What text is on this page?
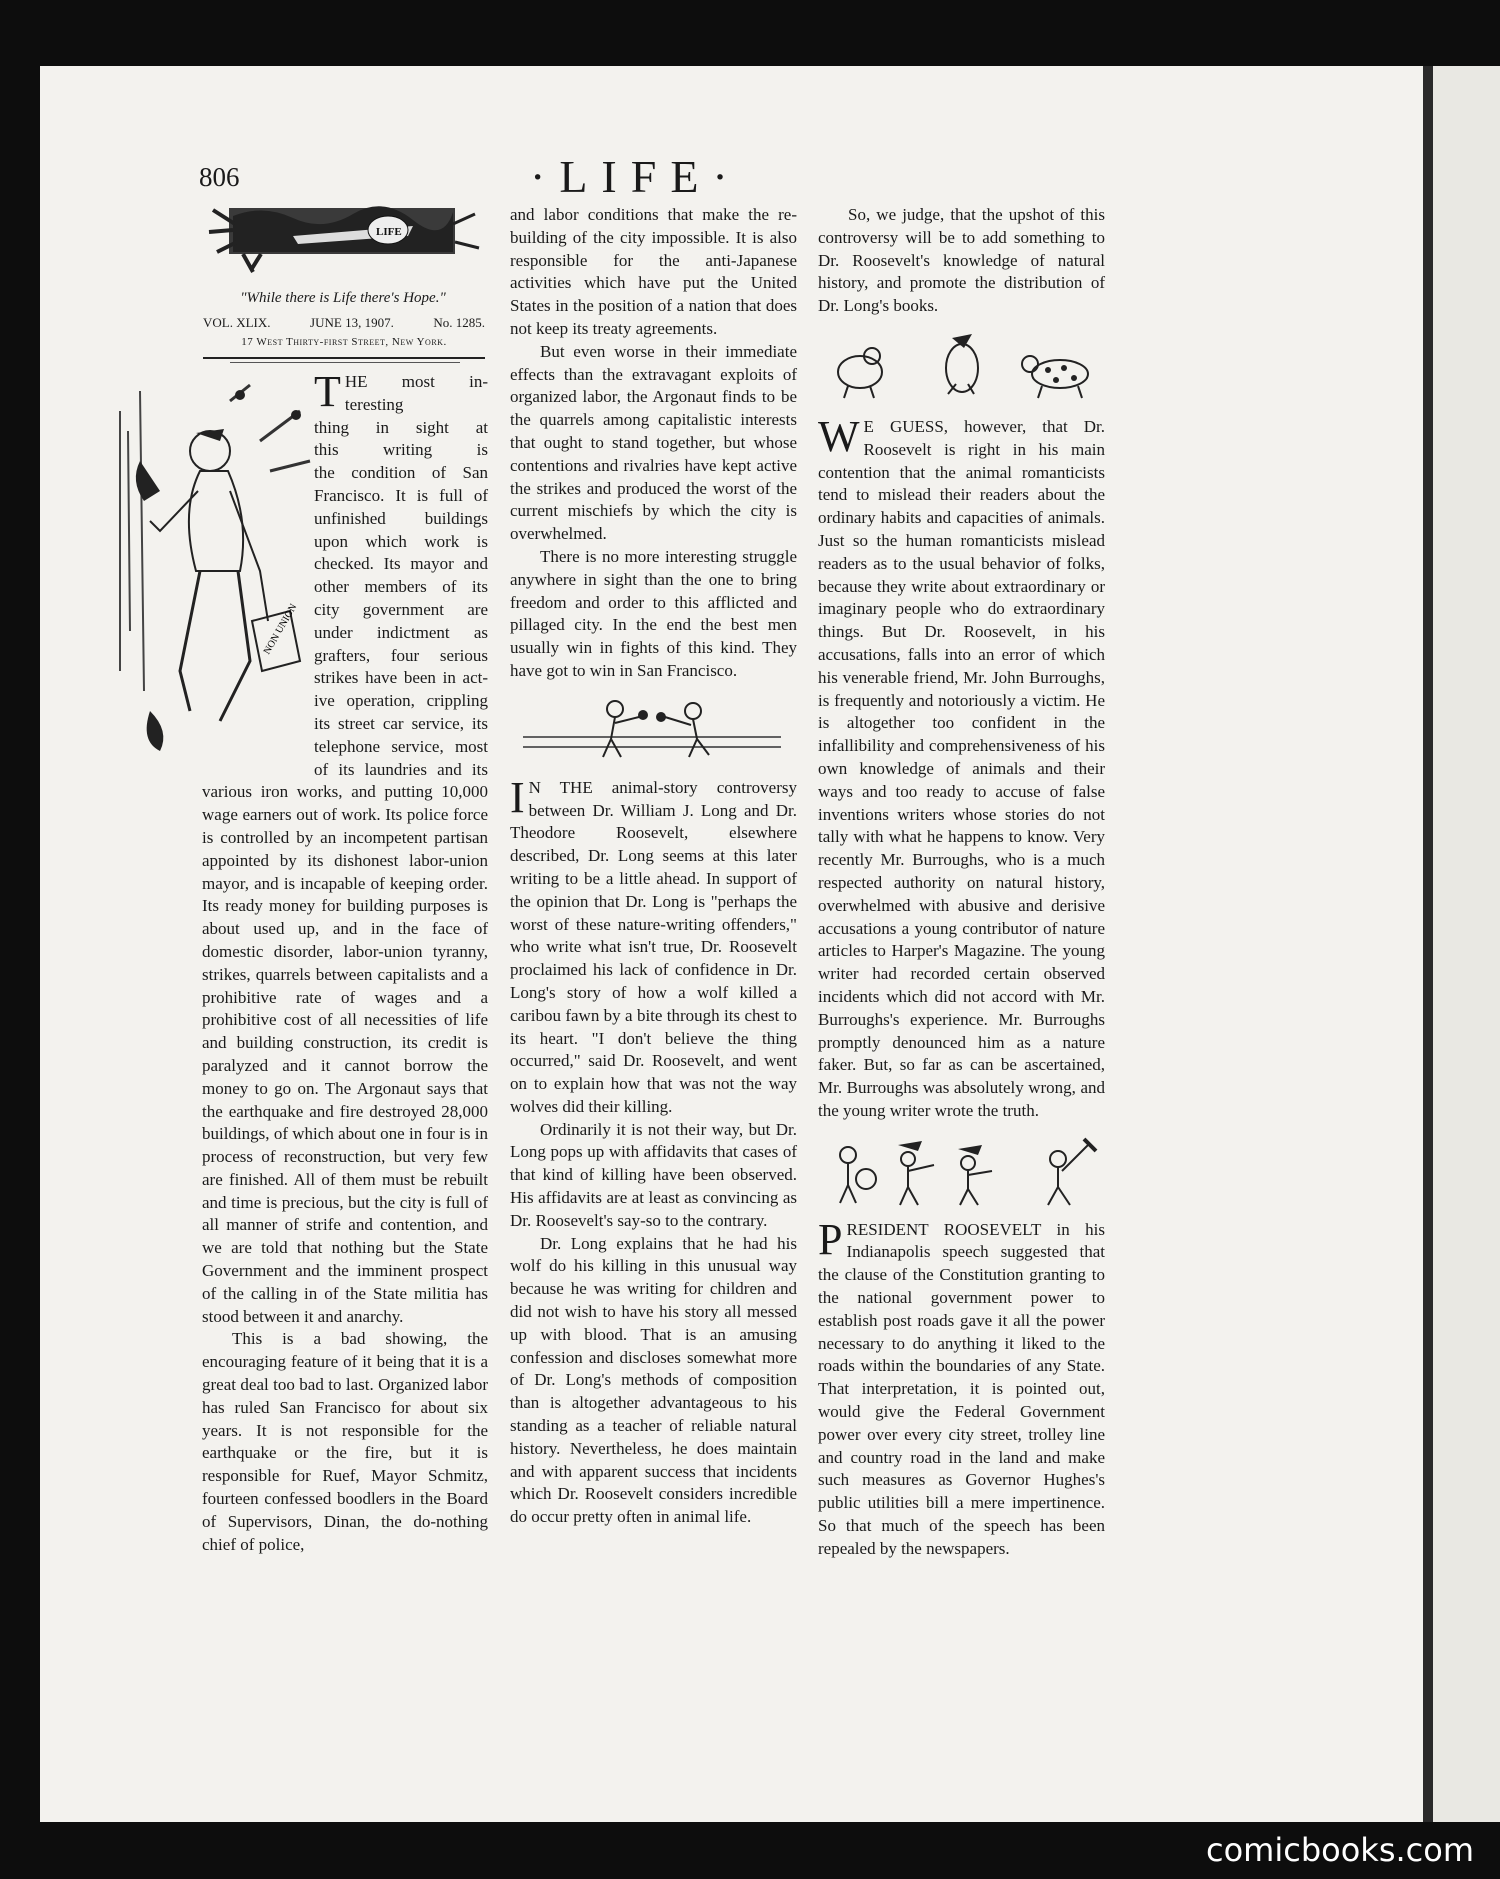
806	·LIFE·
LIFE
"While there is Life there's Hope."
VOL. XLIX.	JUNE 13, 1907.	No. 1285.
17 West Thirty-first Street, New York.
NON UNION
T HE most in-
teresting
thing in sight at
this writing is
the condition of San
Francisco. It is full of
unfinished buildings
upon which work is
checked. Its mayor and
other members of its
city government are
under indictment as
grafters, four serious
strikes have been in act-
ive operation, crippling
its street car service, its
telephone service, most
of its laundries and its

various iron works, and putting 10,000 wage earners out of work. Its police force is controlled by an incompetent partisan appointed by its dishonest labor-union mayor, and is incapable of keeping order. Its ready money for building purposes is about used up, and in the face of domestic disorder, labor-union tyranny, strikes, quarrels between capitalists and a prohibitive rate of wages and a prohibitive cost of all necessities of life and building construction, its credit is paralyzed and it cannot borrow the money to go on. The Argonaut says that the earthquake and fire destroyed 28,000 buildings, of which about one in four is in process of reconstruction, but very few are finished. All of them must be rebuilt and time is precious, but the city is full of all manner of strife and contention, and we are told that nothing but the State Government and the imminent prospect of the calling in of the State militia has stood between it and anarchy.

This is a bad showing, the encouraging feature of it being that it is a great deal too bad to last. Organized labor has ruled San Francisco for about six years. It is not responsible for the earthquake or the fire, but it is responsible for Ruef, Mayor Schmitz, fourteen confessed boodlers in the Board of Supervisors, Dinan, the do-nothing chief of police,

and labor conditions that make the re-building of the city impossible. It is also responsible for the anti-Japanese activities which have put the United States in the position of a nation that does not keep its treaty agreements.

But even worse in their immediate effects than the extravagant exploits of organized labor, the Argonaut finds to be the quarrels among capitalistic interests that ought to stand together, but whose contentions and rivalries have kept active the strikes and produced the worst of the current mischiefs by which the city is overwhelmed.

There is no more interesting struggle anywhere in sight than the one to bring freedom and order to this afflicted and pillaged city. In the end the best men usually win in fights of this kind. They have got to win in San Francisco.

I N THE animal-story controversy between Dr. William J. Long and Dr. Theodore Roosevelt, elsewhere described, Dr. Long seems at this later writing to be a little ahead. In support of the opinion that Dr. Long is "perhaps the worst of these nature-writing offenders," who write what isn't true, Dr. Roosevelt proclaimed his lack of confidence in Dr. Long's story of how a wolf killed a caribou fawn by a bite through its chest to its heart. "I don't believe the thing occurred," said Dr. Roosevelt, and went on to explain how that was not the way wolves did their killing.

Ordinarily it is not their way, but Dr. Long pops up with affidavits that cases of that kind of killing have been observed. His affidavits are at least as convincing as Dr. Roosevelt's say-so to the contrary.

Dr. Long explains that he had his wolf do his killing in this unusual way because he was writing for children and did not wish to have his story all messed up with blood. That is an amusing confession and discloses somewhat more of Dr. Long's methods of composition than is altogether advantageous to his standing as a teacher of reliable natural history. Nevertheless, he does maintain and with apparent success that incidents which Dr. Roosevelt considers incredible do occur pretty often in animal life.

So, we judge, that the upshot of this controversy will be to add something to Dr. Roosevelt's knowledge of natural history, and promote the distribution of Dr. Long's books.

W E GUESS, however, that Dr. Roosevelt is right in his main contention that the animal romanticists tend to mislead their readers about the ordinary habits and capacities of animals. Just so the human romanticists mislead readers as to the usual behavior of folks, because they write about extraordinary or imaginary people who do extraordinary things. But Dr. Roosevelt, in his accusations, falls into an error of which his venerable friend, Mr. John Burroughs, is frequently and notoriously a victim. He is altogether too confident in the infallibility and comprehensiveness of his own knowledge of animals and their ways and too ready to accuse of false inventions writers whose stories do not tally with what he happens to know. Very recently Mr. Burroughs, who is a much respected authority on natural history, overwhelmed with abusive and derisive accusations a young contributor of nature articles to Harper's Magazine. The young writer had recorded certain observed incidents which did not accord with Mr. Burroughs's experience. Mr. Burroughs promptly denounced him as a nature faker. But, so far as can be ascertained, Mr. Burroughs was absolutely wrong, and the young writer wrote the truth.

P RESIDENT ROOSEVELT in his Indianapolis speech suggested that the clause of the Constitution granting to the national government power to establish post roads gave it all the power necessary to do anything it liked to the roads within the boundaries of any State. That interpretation, it is pointed out, would give the Federal Government power over every city street, trolley line and country road in the land and make such measures as Governor Hughes's public utilities bill a mere impertinence. So that much of the speech has been repealed by the newspapers.

comicbooks.com
